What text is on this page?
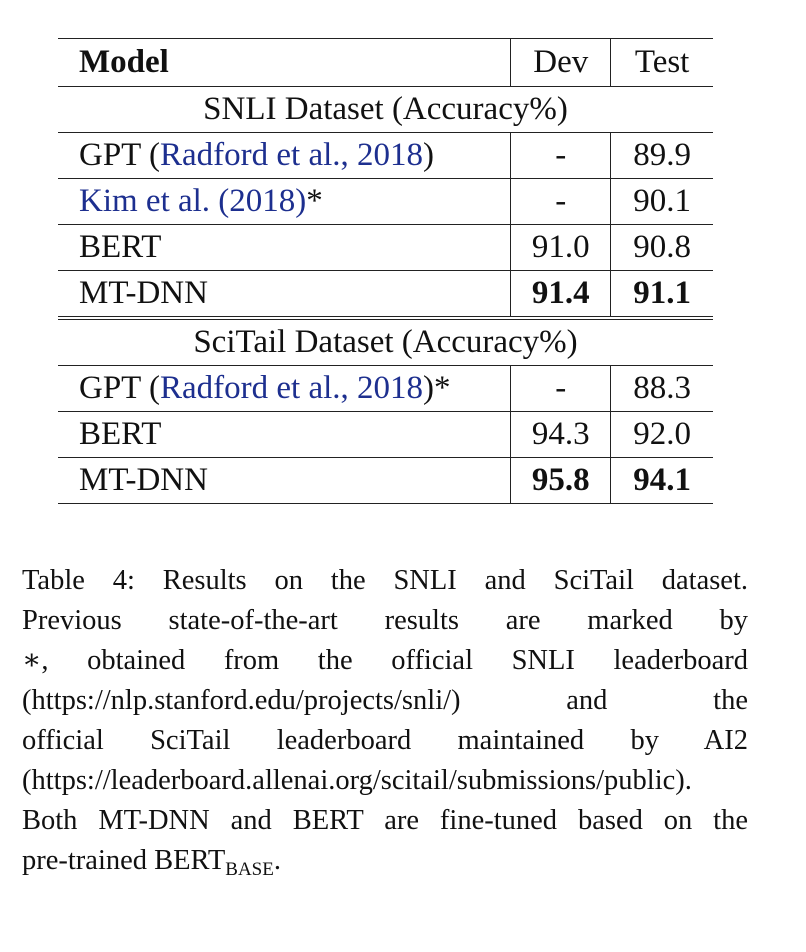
Model	Dev	Test
SNLI Dataset (Accuracy%)		
GPT (Radford et al., 2018)	-	89.9
Kim et al. (2018)*	-	90.1
BERT	91.0	90.8
MT-DNN	91.4	91.1
SciTail Dataset (Accuracy%)		
GPT (Radford et al., 2018)*	-	88.3
BERT	94.3	92.0
MT-DNN	95.8	94.1
Table 4: Results on the SNLI and SciTail dataset.
Previous state-of-the-art results are marked by
∗, obtained from the official SNLI leaderboard
(https://nlp.stanford.edu/projects/snli/) and the
official SciTail leaderboard maintained by AI2
(https://leaderboard.allenai.org/scitail/submissions/public).
Both MT-DNN and BERT are fine-tuned based on the
pre-trained $BERT_{BASE}$.
